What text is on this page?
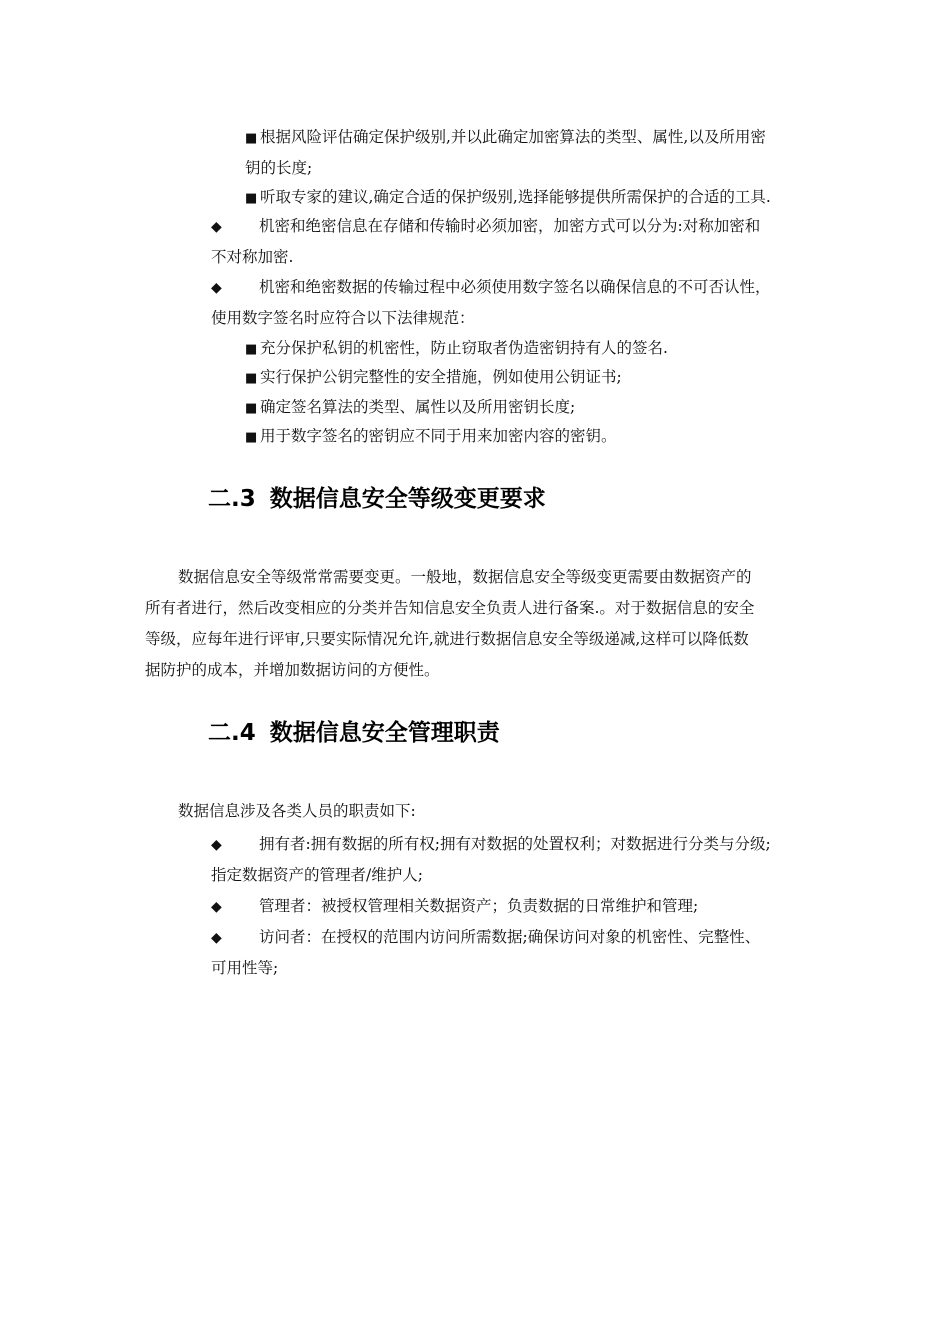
■ 根据风险评估确定保护级别,并以此确定加密算法的类型、属性,以及所用密
钥的长度;
■ 听取专家的建议,确定合适的保护级别,选择能够提供所需保护的合适的工具.
◆ 机密和绝密信息在存储和传输时必须加密，加密方式可以分为:对称加密和
不对称加密.
◆ 机密和绝密数据的传输过程中必须使用数字签名以确保信息的不可否认性，
使用数字签名时应符合以下法律规范：
■ 充分保护私钥的机密性，防止窃取者伪造密钥持有人的签名.
■ 实行保护公钥完整性的安全措施，例如使用公钥证书;
■ 确定签名算法的类型、属性以及所用密钥长度;
■ 用于数字签名的密钥应不同于用来加密内容的密钥。
二.3 数据信息安全等级变更要求
数据信息安全等级常常需要变更。一般地，数据信息安全等级变更需要由数据资产的
所有者进行，然后改变相应的分类并告知信息安全负责人进行备案.。对于数据信息的安全
等级，应每年进行评审,只要实际情况允许,就进行数据信息安全等级递减,这样可以降低数
据防护的成本，并增加数据访问的方便性。
二.4 数据信息安全管理职责
数据信息涉及各类人员的职责如下:
◆ 拥有者:拥有数据的所有权;拥有对数据的处置权利；对数据进行分类与分级;
指定数据资产的管理者/维护人;
◆ 管理者：被授权管理相关数据资产；负责数据的日常维护和管理;
◆ 访问者：在授权的范围内访问所需数据;确保访问对象的机密性、完整性、
可用性等;
